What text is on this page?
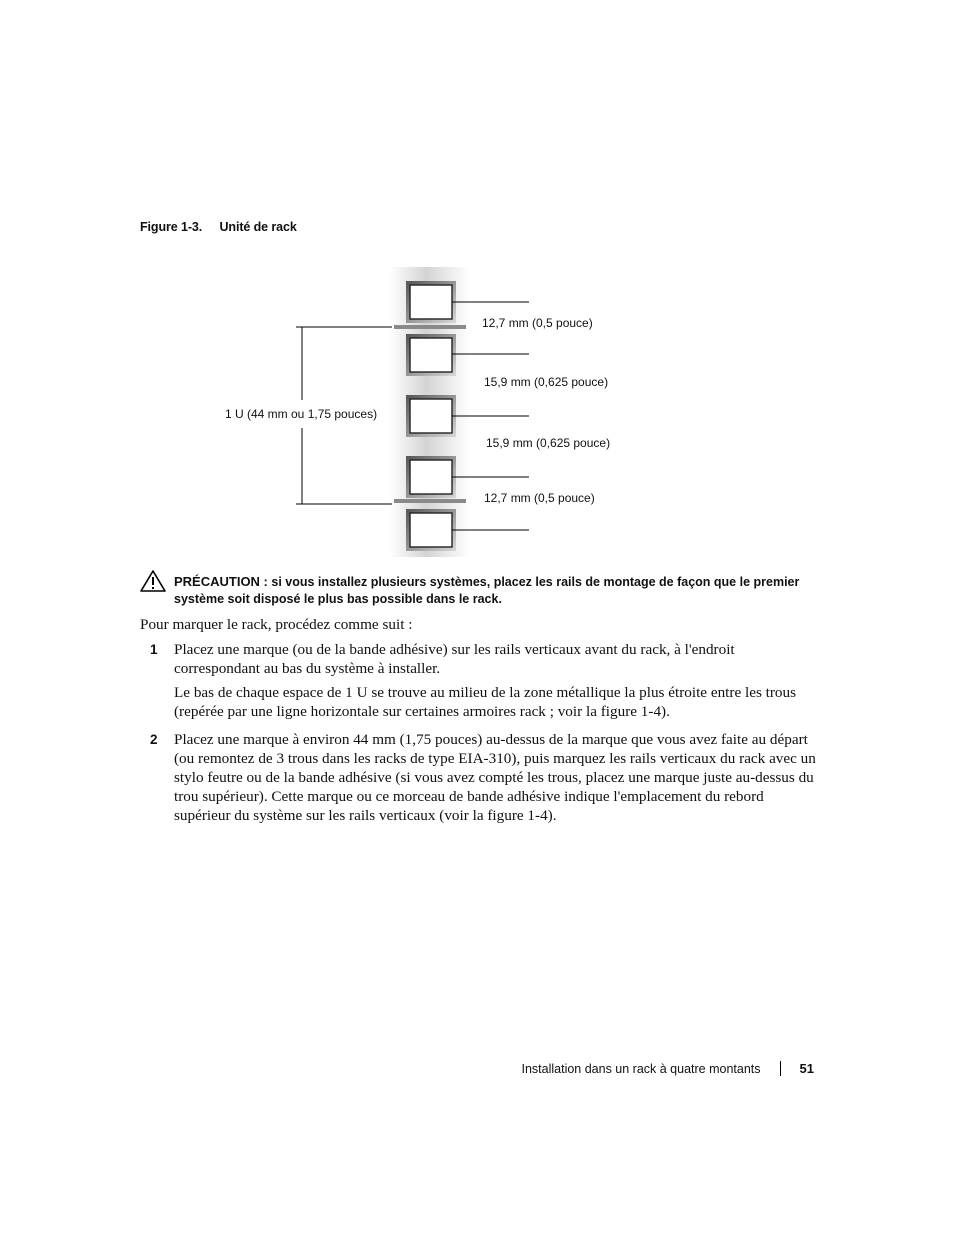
Figure 1-3. Unité de rack
1 U (44 mm ou 1,75 pouces)
12,7 mm (0,5 pouce)
15,9 mm (0,625 pouce)
15,9 mm (0,625 pouce)
12,7 mm (0,5 pouce)
PRÉCAUTION : si vous installez plusieurs systèmes, placez les rails de montage de façon que le premier système soit disposé le plus bas possible dans le rack.
Pour marquer le rack, procédez comme suit :
1 Placez une marque (ou de la bande adhésive) sur les rails verticaux avant du rack, à l'endroit correspondant au bas du système à installer.
Le bas de chaque espace de 1 U se trouve au milieu de la zone métallique la plus étroite entre les trous (repérée par une ligne horizontale sur certaines armoires rack ; voir la figure 1-4).
2 Placez une marque à environ 44 mm (1,75 pouces) au-dessus de la marque que vous avez faite au départ (ou remontez de 3 trous dans les racks de type EIA-310), puis marquez les rails verticaux du rack avec un stylo feutre ou de la bande adhésive (si vous avez compté les trous, placez une marque juste au-dessus du trou supérieur). Cette marque ou ce morceau de bande adhésive indique l'emplacement du rebord supérieur du système sur les rails verticaux (voir la figure 1-4).
Installation dans un rack à quatre montants	51
